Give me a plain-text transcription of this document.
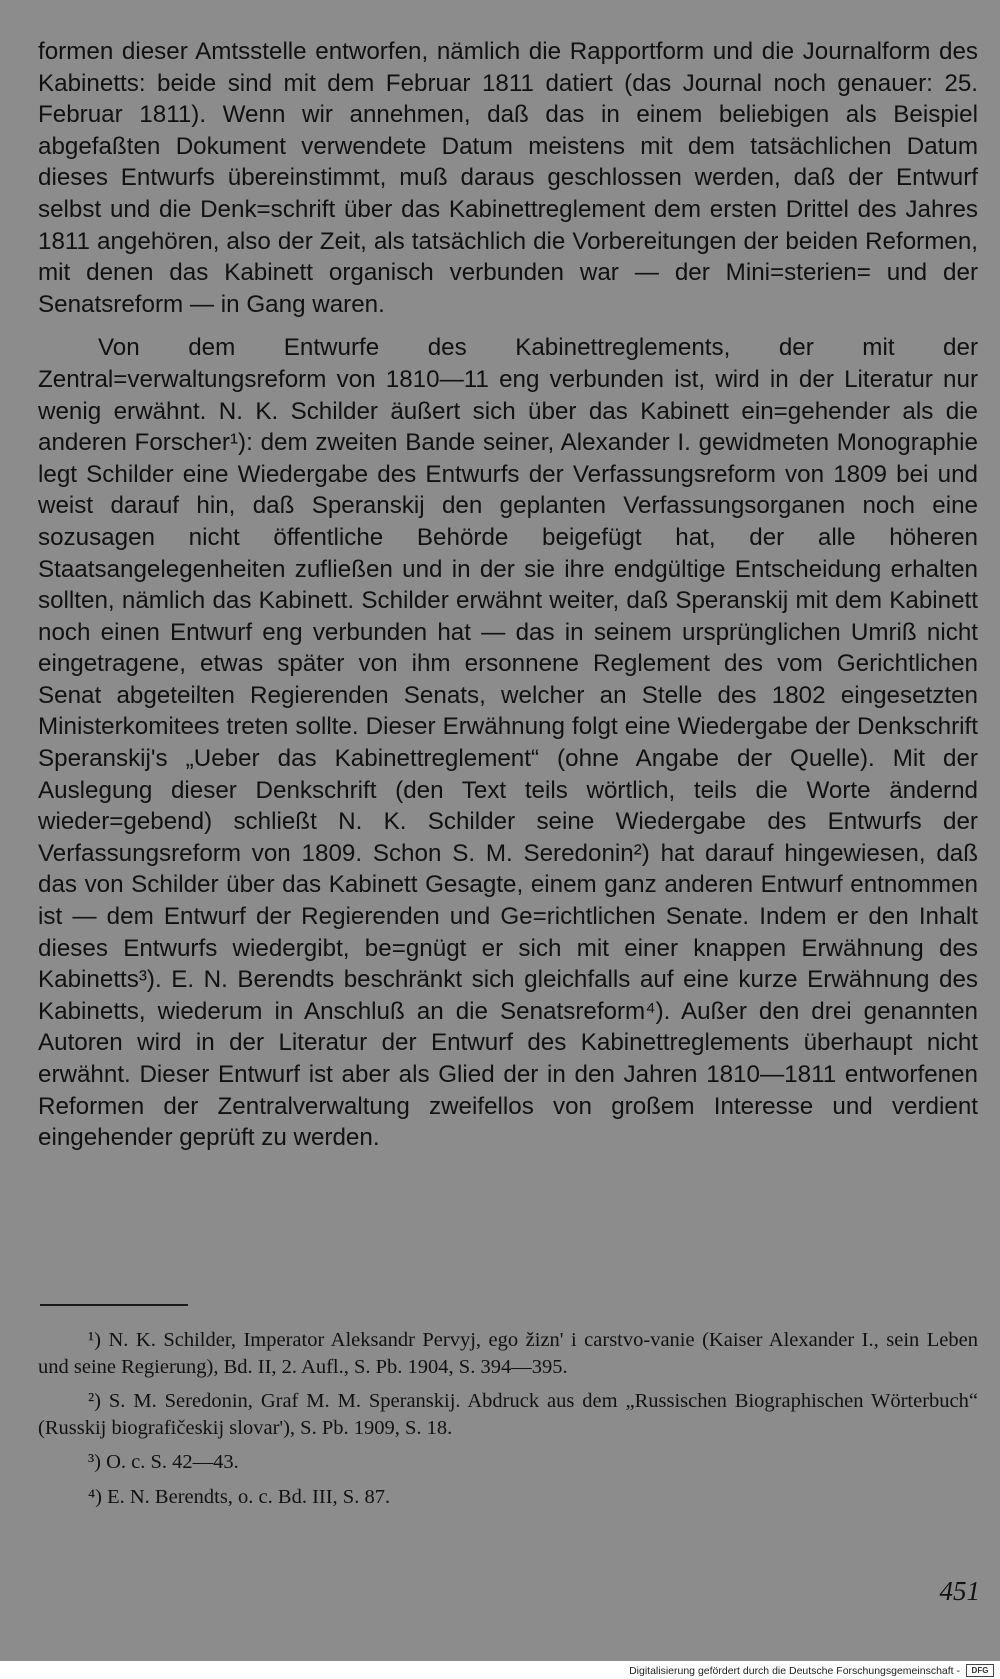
formen dieser Amtsstelle entworfen, nämlich die Rapportform und die Journalform des Kabinetts: beide sind mit dem Februar 1811 datiert (das Journal noch genauer: 25. Februar 1811). Wenn wir annehmen, daß das in einem beliebigen als Beispiel abgefaßten Dokument verwendete Datum meistens mit dem tatsächlichen Datum dieses Entwurfs übereinstimmt, muß daraus geschlossen werden, daß der Entwurf selbst und die Denk=schrift über das Kabinettreglement dem ersten Drittel des Jahres 1811 angehören, also der Zeit, als tatsächlich die Vorbereitungen der beiden Reformen, mit denen das Kabinett organisch verbunden war — der Mini=sterien= und der Senatsreform — in Gang waren.

Von dem Entwurfe des Kabinettreglements, der mit der Zentral=verwaltungsreform von 1810—11 eng verbunden ist, wird in der Literatur nur wenig erwähnt. N. K. Schilder äußert sich über das Kabinett ein=gehender als die anderen Forscher¹): dem zweiten Bande seiner, Alexander I. gewidmeten Monographie legt Schilder eine Wiedergabe des Entwurfs der Verfassungsreform von 1809 bei und weist darauf hin, daß Speranskij den geplanten Verfassungsorganen noch eine sozusagen nicht öffentliche Behörde beigefügt hat, der alle höheren Staatsangelegenheiten zufließen und in der sie ihre endgültige Entscheidung erhalten sollten, nämlich das Kabinett. Schilder erwähnt weiter, daß Speranskij mit dem Kabinett noch einen Entwurf eng verbunden hat — das in seinem ursprünglichen Umriß nicht eingetragene, etwas später von ihm ersonnene Reglement des vom Gerichtlichen Senat abgeteilten Regierenden Senats, welcher an Stelle des 1802 eingesetzten Ministerkomitees treten sollte. Dieser Erwähnung folgt eine Wiedergabe der Denkschrift Speranskij's „Ueber das Kabinettreglement“ (ohne Angabe der Quelle). Mit der Auslegung dieser Denkschrift (den Text teils wörtlich, teils die Worte ändernd wieder=gebend) schließt N. K. Schilder seine Wiedergabe des Entwurfs der Verfassungsreform von 1809. Schon S. M. Seredonin²) hat darauf hingewiesen, daß das von Schilder über das Kabinett Gesagte, einem ganz anderen Entwurf entnommen ist — dem Entwurf der Regierenden und Ge=richtlichen Senate. Indem er den Inhalt dieses Entwurfs wiedergibt, be=gnügt er sich mit einer knappen Erwähnung des Kabinetts³). E. N. Berendts beschränkt sich gleichfalls auf eine kurze Erwähnung des Kabinetts, wiederum in Anschluß an die Senatsreform⁴). Außer den drei genannten Autoren wird in der Literatur der Entwurf des Kabinettreglements überhaupt nicht erwähnt. Dieser Entwurf ist aber als Glied der in den Jahren 1810—1811 entworfenen Reformen der Zentralverwaltung zweifellos von großem Interesse und verdient eingehender geprüft zu werden.

¹) N. K. Schilder, Imperator Aleksandr Pervyj, ego žizn' i carstvo-vanie (Kaiser Alexander I., sein Leben und seine Regierung), Bd. II, 2. Aufl., S. Pb. 1904, S. 394—395.

²) S. M. Seredonin, Graf M. M. Speranskij. Abdruck aus dem „Russischen Biographischen Wörterbuch“ (Russkij biografičeskij slovar'), S. Pb. 1909, S. 18.

³) O. c. S. 42—43.

⁴) E. N. Berendts, o. c. Bd. III, S. 87.

451
Digitalisierung gefördert durch die Deutsche Forschungsgemeinschaft -	DFG
